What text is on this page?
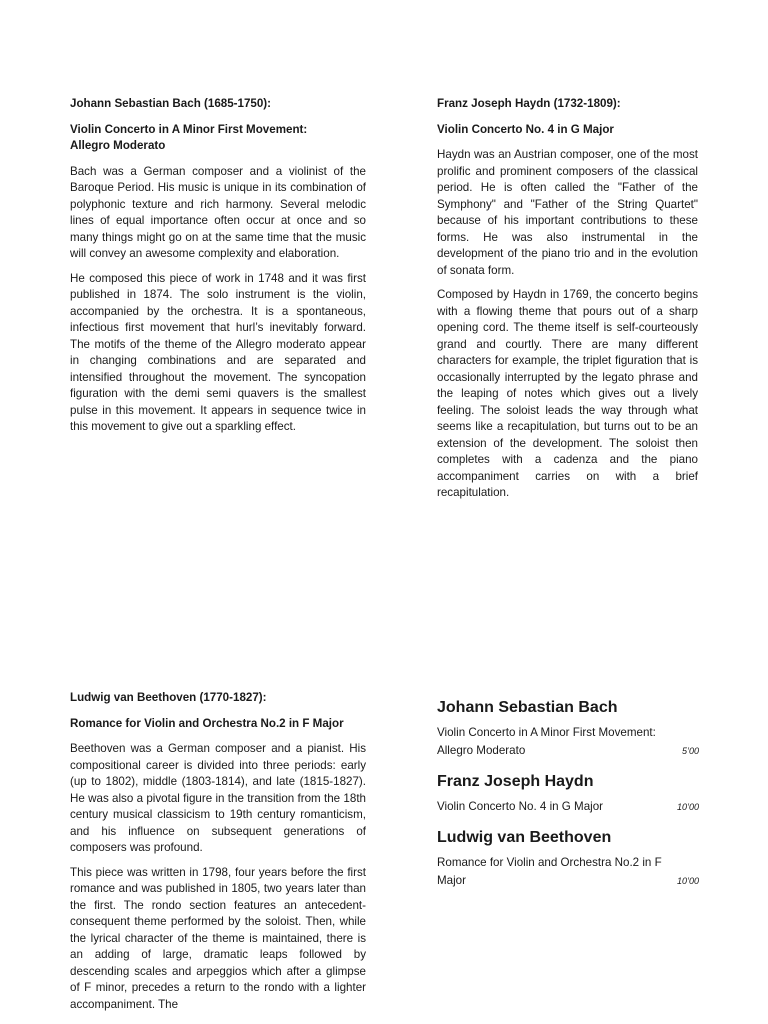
Johann Sebastian Bach (1685-1750):
Violin Concerto in A Minor First Movement:
Allegro Moderato

Bach was a German composer and a violinist of the Baroque Period. His music is unique in its combination of polyphonic texture and rich harmony. Several melodic lines of equal importance often occur at once and so many things might go on at the same time that the music will convey an awesome complexity and elaboration.

He composed this piece of work in 1748 and it was first published in 1874. The solo instrument is the violin, accompanied by the orchestra. It is a spontaneous, infectious first movement that hurl’s inevitably forward. The motifs of the theme of the Allegro moderato appear in changing combinations and are separated and intensified throughout the movement. The syncopation figuration with the demi semi quavers is the smallest pulse in this movement. It appears in sequence twice in this movement to give out a sparkling effect.

Franz Joseph Haydn (1732-1809):
Violin Concerto No. 4 in G Major

Haydn was an Austrian composer, one of the most prolific and prominent composers of the classical period. He is often called the "Father of the Symphony" and "Father of the String Quartet" because of his important contributions to these forms. He was also instrumental in the development of the piano trio and in the evolution of sonata form.

Composed by Haydn in 1769, the concerto begins with a flowing theme that pours out of a sharp opening cord. The theme itself is self-courteously grand and courtly. There are many different characters for example, the triplet figuration that is occasionally interrupted by the legato phrase and the leaping of notes which gives out a lively feeling. The soloist leads the way through what seems like a recapitulation, but turns out to be an extension of the development. The soloist then completes with a cadenza and the piano accompaniment carries on with a brief recapitulation.

Ludwig van Beethoven (1770-1827):
Romance for Violin and Orchestra No.2 in F Major

Beethoven was a German composer and a pianist. His compositional career is divided into three periods: early (up to 1802), middle (1803-1814), and late (1815-1827). He was also a pivotal figure in the transition from the 18th century musical classicism to 19th century romanticism, and his influence on subsequent generations of composers was profound.

This piece was written in 1798, four years before the first romance and was published in 1805, two years later than the first. The rondo section features an antecedent-consequent theme performed by the soloist. Then, while the lyrical character of the theme is maintained, there is an adding of large, dramatic leaps followed by descending scales and arpeggios which after a glimpse of F minor, precedes a return to the rondo with a lighter accompaniment. The

Johann Sebastian Bach
Violin Concerto in A Minor First Movement:
Allegro Moderato	5’00
Franz Joseph Haydn
Violin Concerto No. 4 in G Major	10’00
Ludwig van Beethoven
Romance for Violin and Orchestra No.2 in F
Major	10’00
